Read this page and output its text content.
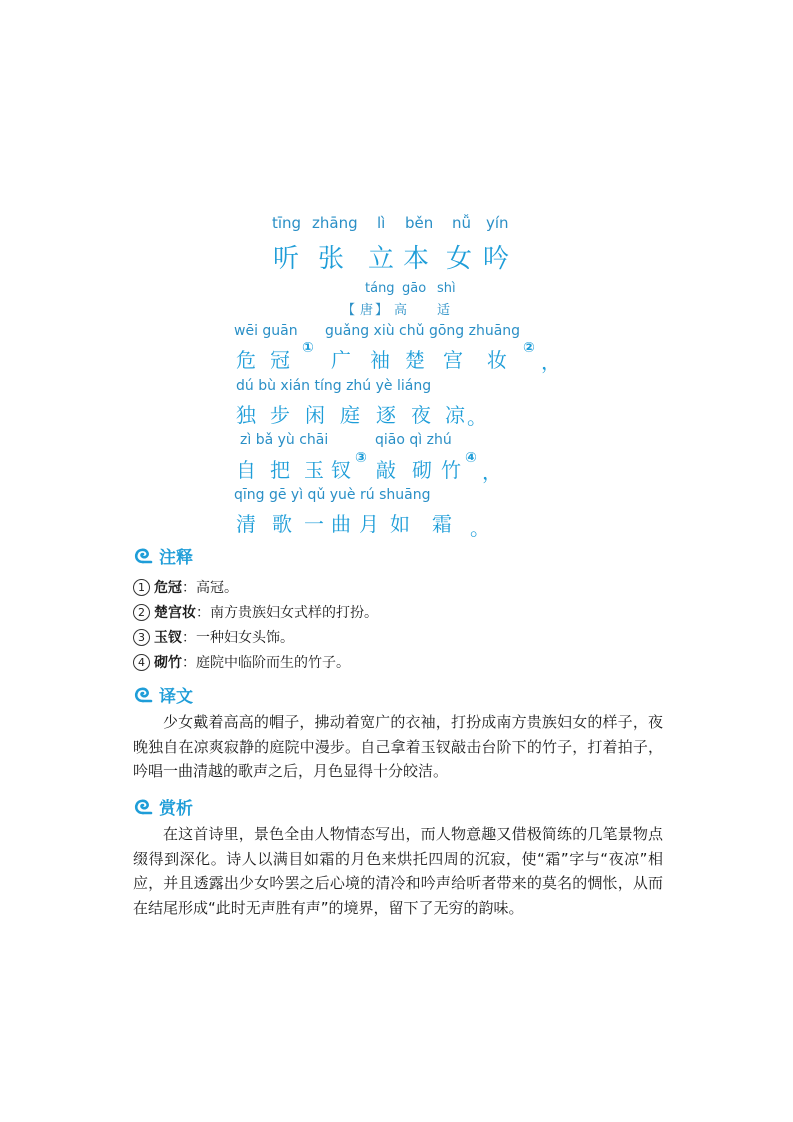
tīng zhāng lì běn nǚ yín
听 张 立 本 女 吟
táng gāo shì
【 唐 】 高 适
wēi guān guǎng xiù chǔ gōng zhuāng
危 冠 ① 广 袖 楚 宫 妆 ②
，
dú bù xián tíng zhú yè liáng
独 步 闲 庭 逐 夜 凉 。
zì bǎ yù chāi	qiāo qì zhú
自 把 玉 钗 ③ 敲 砌 竹 ④
，
qīng gē yì qǔ yuè rú shuāng
清 歌 一 曲 月 如 霜 。
注释
1 危冠：高冠。
2 楚宫妆：南方贵族妇女式样的打扮。
3 玉钗：一种妇女头饰。
4 砌竹：庭院中临阶而生的竹子。
译文

少女戴着高高的帽子，拂动着宽广的衣袖，打扮成南方贵族妇女的样子，夜晚独自在凉爽寂静的庭院中漫步。自己拿着玉钗敲击台阶下的竹子，打着拍子，吟唱一曲清越的歌声之后，月色显得十分皎洁。

赏析

在这首诗里，景色全由人物情态写出，而人物意趣又借极简练的几笔景物点缀得到深化。诗人以满目如霜的月色来烘托四周的沉寂，使“霜”字与“夜凉”相应，并且透露出少女吟罢之后心境的清冷和吟声给听者带来的莫名的惆怅，从而在结尾形成“此时无声胜有声”的境界，留下了无穷的韵味。
